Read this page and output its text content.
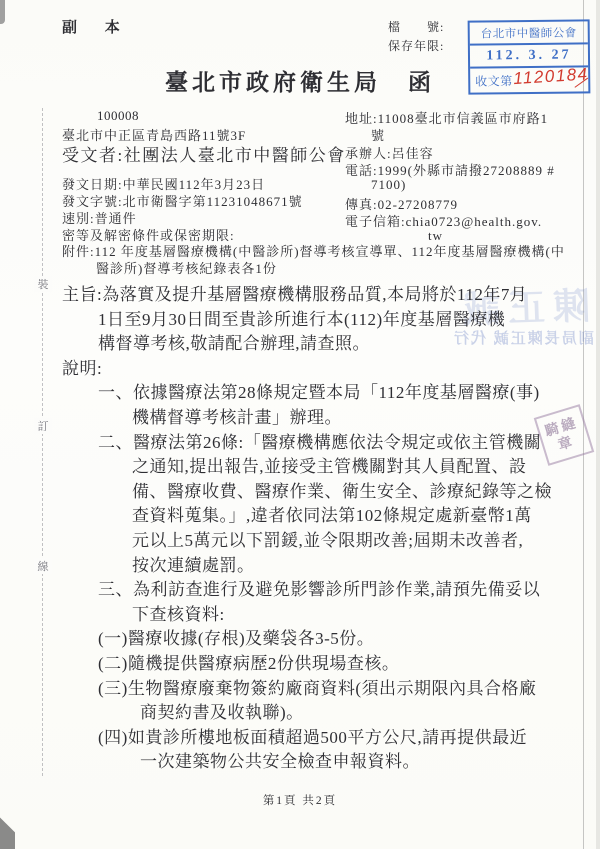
裝
訂
線
副 本	檔　　號:
保存年限:
台北市中醫師公會
112. 3. 27
收文第 1120184
臺北市政府衛生局　函
100008
臺北市中正區青島西路11號3F
受文者:社團法人臺北市中醫師公會
發文日期:中華民國112年3月23日
發文字號:北市衛醫字第11231048671號
速別:普通件
密等及解密條件或保密期限:
附件:112 年度基層醫療機構(中醫診所)督導考核宣導單、112年度基層醫療機構(中
醫診所)督導考核紀錄表各1份
地址:11008臺北市信義區市府路1
號
承辦人:呂佳容
電話:1999(外縣市請撥27208889 #
7100)
傳真:02-27208779
電子信箱:chia0723@health.gov.
tw
陳正誠
副局長陳正誠 代行
主旨:為落實及提升基層醫療機構服務品質,本局將於112年7月
1日至9月30日間至貴診所進行本(112)年度基層醫療機
構督導考核,敬請配合辦理,請查照。
說明:
一、依據醫療法第28條規定暨本局「112年度基層醫療(事)
機構督導考核計畫」辦理。
二、醫療法第26條:「醫療機構應依法令規定或依主管機關
之通知,提出報告,並接受主管機關對其人員配置、設
備、醫療收費、醫療作業、衛生安全、診療紀錄等之檢
查資料蒐集。」,違者依同法第102條規定處新臺幣1萬
元以上5萬元以下罰鍰,並令限期改善;屆期未改善者,
按次連續處罰。
三、為利訪查進行及避免影響診所門診作業,請預先備妥以
下查核資料:
(一)醫療收據(存根)及藥袋各3-5份。
(二)隨機提供醫療病歷2份供現場查核。
(三)生物醫療廢棄物簽約廠商資料(須出示期限內具合格廠
商契約書及收執聯)。
(四)如貴診所樓地板面積超過500平方公尺,請再提供最近
一次建築物公共安全檢查申報資料。
騎縫章
第1頁 共2頁
